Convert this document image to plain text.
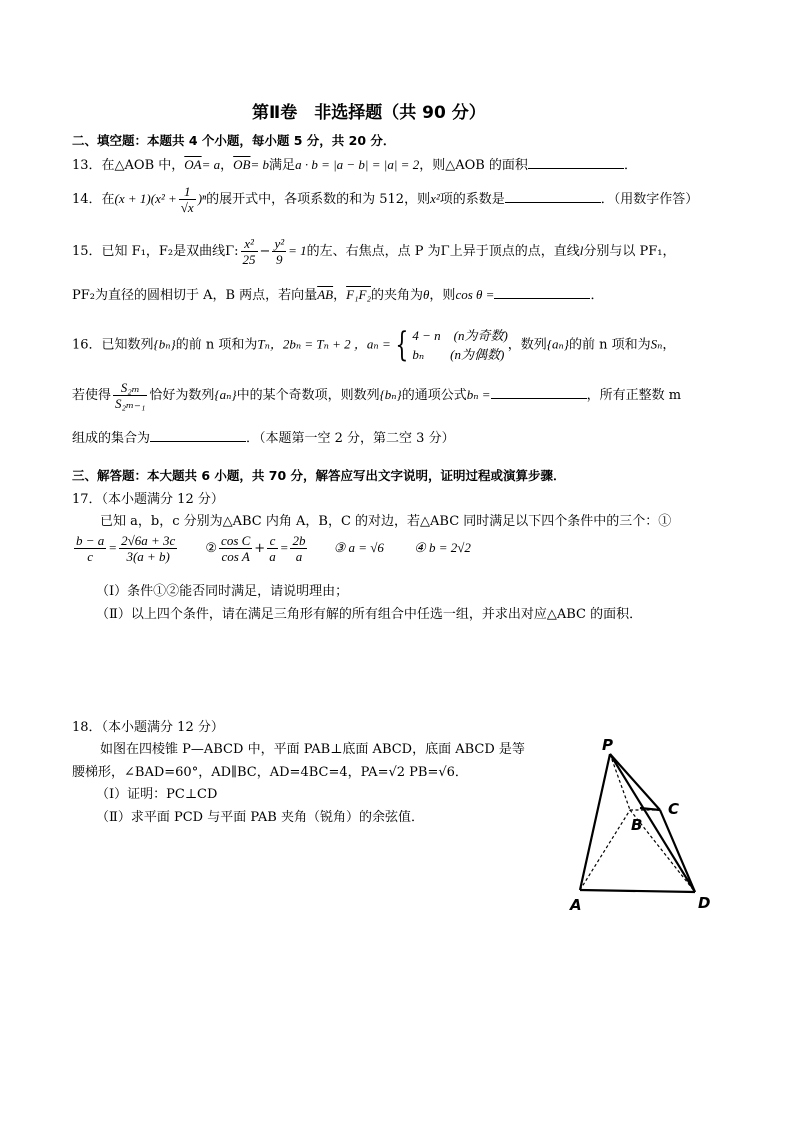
第Ⅱ卷　非选择题（共 90 分）
二、填空题：本题共 4 个小题，每小题 5 分，共 20 分．
13．在△AOB 中，$\overline{OA}= a$，$\overline{OB}= b$满足a · b = |a − b| = |a| = 2，则△AOB 的面积	．
14．在$(x + 1)(x^2 + \frac{1}{√x} )^n$的展开式中，各项系数的和为 512，则x²项的系数是	．（用数字作答）
15．已知 F₁，F₂是双曲线Γ: $\frac{\text{x²}}{25} - \frac{\text{y²}}{9} = 1$的左、右焦点，点 P 为Γ上异于顶点的点，直线l分别与以 PF₁，
PF₂为直径的圆相切于 A，B 两点，若向量$\overline{AB}$，F₁F₂的夹角为θ，则cos θ =	．
16．已知数列{bₙ}的前 n 项和为Tₙ，2bₙ = Tₙ + 2 ，aₙ = { 4 − n　(n为奇数)
bₙ　　(n为偶数)
，数列{aₙ}的前 n 项和为Sₙ，
若使得 $\frac{\text{S₂ₘ}}{\text{S₂ₘ₋₁}}$ 恰好为数列{aₙ}中的某个奇数项，则数列{bₙ}的通项公式bₙ =	，所有正整数 m
组成的集合为	．（本题第一空 2 分，第二空 3 分）
三、解答题：本大题共 6 小题，共 70 分，解答应写出文字说明，证明过程或演算步骤．
17．（本小题满分 12 分）
已知 a，b，c 分别为△ABC 内角 A，B，C 的对边，若△ABC 同时满足以下四个条件中的三个：①
$\frac{b - a}{c} = \frac{2√6a + 3c}{3(a + b)}$ ② $\frac{\text{cos C}}{\text{cos A}} + \frac{c}{a} = \frac{2b}{a}$ ③ a = √6 ④ b = 2√2
（Ⅰ）条件①②能否同时满足，请说明理由；
（Ⅱ）以上四个条件，请在满足三角形有解的所有组合中任选一组，并求出对应△ABC 的面积．
18．（本小题满分 12 分）
如图在四棱锥 P—ABCD 中，平面 PAB⊥底面 ABCD，底面 ABCD 是等
腰梯形，∠BAD=60°，AD∥BC，AD=4BC=4，PA=√2 PB=√6．
（Ⅰ）证明：PC⊥CD
（Ⅱ）求平面 PCD 与平面 PAB 夹角（锐角）的余弦值．
P
A
B
C
D
